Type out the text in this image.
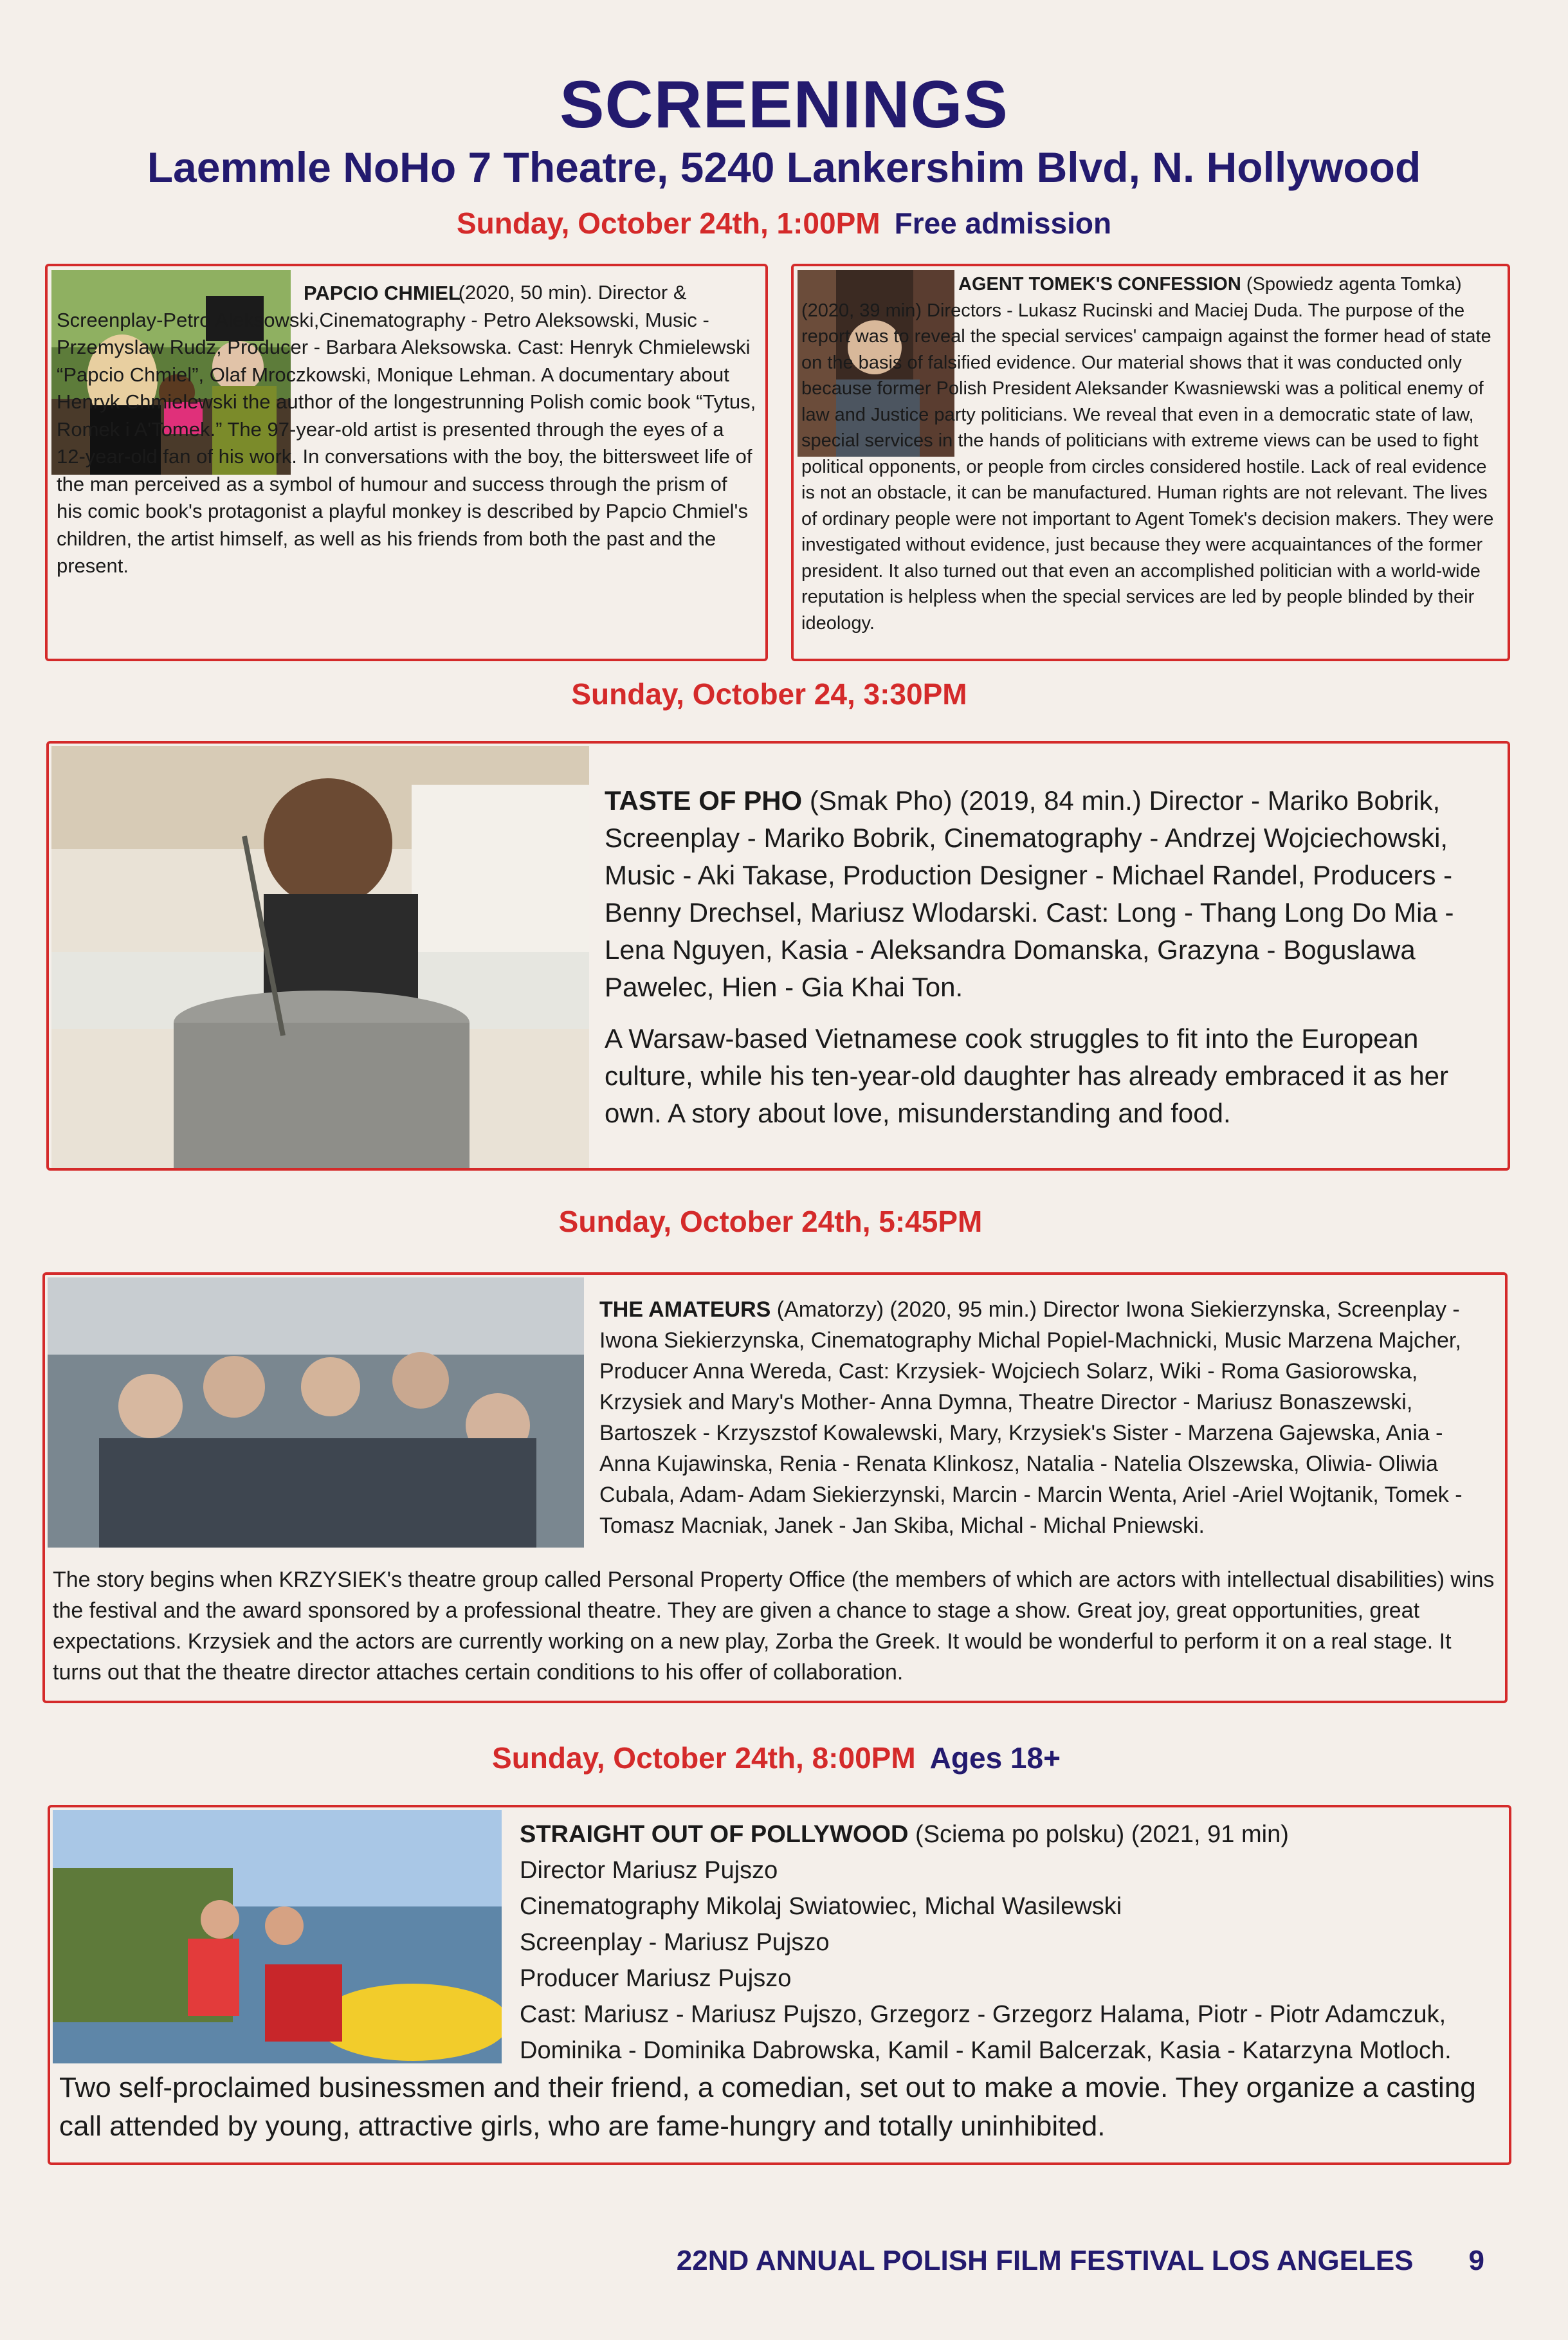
SCREENINGS
Laemmle NoHo 7 Theatre, 5240 Lankershim Blvd, N. Hollywood
Sunday, October 24th, 1:00PM Free admission

PAPCIO CHMIEL

(2020, 50 min). Director & Screenplay-Petro Aleksowski,Cinematography - Petro Aleksowski, Music - Przemyslaw Rudz, Producer - Barbara Aleksowska. Cast: Henryk Chmielewski “Papcio Chmiel”, Olaf Mroczkowski, Monique Lehman. A documentary about Henryk Chmielewski the author of the longestrunning Polish comic book “Tytus, Romek i A'Tomek.” The 97-year-old artist is presented through the eyes of a 12-year-old fan of his work. In conversations with the boy, the bittersweet life of the man perceived as a symbol of humour and success through the prism of his comic book's protagonist a playful monkey is described by Papcio Chmiel's children, the artist himself, as well as his friends from both the past and the present.
AGENT TOMEK'S CONFESSION (Spowiedz agenta Tomka) (2020, 39 min) Directors - Lukasz Rucinski and Maciej Duda. The purpose of the report was to reveal the special services' campaign against the former head of state on the basis of falsified evidence. Our material shows that it was conducted only because former Polish President Aleksander Kwasniewski was a political enemy of law and Justice party politicians. We reveal that even in a democratic state of law, special services in the hands of politicians with extreme views can be used to fight political opponents, or people from circles considered hostile. Lack of real evidence is not an obstacle, it can be manufactured. Human rights are not relevant. The lives of ordinary people were not important to Agent Tomek's decision makers. They were investigated without evidence, just because they were acquaintances of the former president. It also turned out that even an accomplished politician with a world-wide reputation is helpless when the special services are led by people blinded by their ideology.
Sunday, October 24, 3:30PM

TASTE OF PHO (Smak Pho) (2019, 84 min.) Director - Mariko Bobrik, Screenplay - Mariko Bobrik, Cinematography - Andrzej Wojciechowski, Music - Aki Takase, Production Designer - Michael Randel, Producers - Benny Drechsel, Mariusz Wlodarski. Cast: Long - Thang Long Do Mia - Lena Nguyen, Kasia - Aleksandra Domanska, Grazyna - Boguslawa Pawelec, Hien - Gia Khai Ton.

A Warsaw-based Vietnamese cook struggles to fit into the European culture, while his ten-year-old daughter has already embraced it as her own. A story about love, misunderstanding and food.

Sunday, October 24th, 5:45PM
THE AMATEURS (Amatorzy) (2020, 95 min.) Director Iwona Siekierzynska, Screenplay - Iwona Siekierzynska, Cinematography Michal Popiel-Machnicki, Music Marzena Majcher, Producer Anna Wereda, Cast: Krzysiek- Wojciech Solarz, Wiki - Roma Gasiorowska, Krzysiek and Mary's Mother- Anna Dymna, Theatre Director - Mariusz Bonaszewski, Bartoszek - Krzyszstof Kowalewski, Mary, Krzysiek's Sister - Marzena Gajewska, Ania - Anna Kujawinska, Renia - Renata Klinkosz, Natalia - Natelia Olszewska, Oliwia- Oliwia Cubala, Adam- Adam Siekierzynski, Marcin - Marcin Wenta, Ariel -Ariel Wojtanik, Tomek - Tomasz Macniak, Janek - Jan Skiba, Michal - Michal Pniewski.
The story begins when KRZYSIEK's theatre group called Personal Property Office (the members of which are actors with intellectual disabilities) wins the festival and the award sponsored by a professional theatre. They are given a chance to stage a show. Great joy, great opportunities, great expectations. Krzysiek and the actors are currently working on a new play, Zorba the Greek. It would be wonderful to perform it on a real stage. It turns out that the theatre director attaches certain conditions to his offer of collaboration.
Sunday, October 24th, 8:00PM Ages 18+

STRAIGHT OUT OF POLLYWOOD (Sciema po polsku) (2021, 91 min)

Director Mariusz Pujszo

Cinematography Mikolaj Swiatowiec, Michal Wasilewski

Screenplay - Mariusz Pujszo

Producer Mariusz Pujszo

Cast: Mariusz - Mariusz Pujszo, Grzegorz - Grzegorz Halama, Piotr - Piotr Adamczuk, Dominika - Dominika Dabrowska, Kamil - Kamil Balcerzak, Kasia - Katarzyna Motloch.

Two self-proclaimed businessmen and their friend, a comedian, set out to make a movie. They organize a casting call attended by young, attractive girls, who are fame-hungry and totally uninhibited.
22ND ANNUAL POLISH FILM FESTIVAL LOS ANGELES 9
